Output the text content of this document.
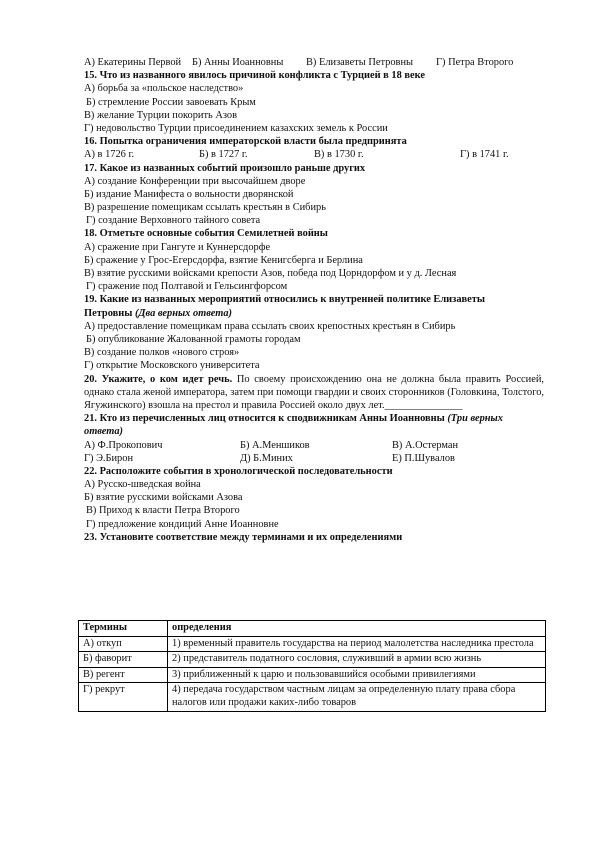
А) Екатерины Первой	Б) Анны Иоанновны	В) Елизаветы Петровны	Г) Петра Второго
15. Что из названного явилось причиной конфликта с Турцией в 18 веке
А) борьба за «польское наследство»
Б) стремление России завоевать Крым
В) желание Турции покорить Азов
Г) недовольство Турции присоединением казахских земель к России
16. Попытка ограничения императорской власти была предпринята
А) в 1726 г.	Б) в 1727 г.	В) в 1730 г.	Г) в 1741 г.
17. Какое из названных событий произошло раньше других
А) создание Конференции при высочайшем дворе
Б) издание Манифеста о вольности дворянской
В) разрешение помещикам ссылать крестьян в Сибирь
Г) создание Верховного тайного совета
18. Отметьте основные события Семилетней войны
А) сражение при Гангуте и Куннерсдорфе
Б) сражение у Грос-Егерсдорфа, взятие Кенигсберга и Берлина
В) взятие русскими войсками крепости Азов, победа под Цорндорфом и у д. Лесная
Г) сражение под Полтавой и Гельсингфорсом
19. Какие из названных мероприятий относились к внутренней политике Елизаветы
Петровны (Два верных ответа)
А) предоставление помещикам права ссылать своих крепостных крестьян в Сибирь
Б) опубликование Жалованной грамоты городам
В) создание полков «нового строя»
Г) открытие Московского университета
20. Укажите, о ком идет речь. По своему происхождению она не должна была править Россией, однако стала женой императора, затем при помощи гвардии и своих сторонников (Головкина, Толстого, Ягужинского) взошла на престол и правила Россией около двух лет._______________
21. Кто из перечисленных лиц относится к сподвижникам Анны Иоанновны (Три верных ответа)
А) Ф.Прокопович	Б) А.Меншиков	В) А.Остерман
Г) Э.Бирон	Д) Б.Миних	Е) П.Шувалов
22. Расположите события в хронологической последовательности
А) Русско-шведская война
Б) взятие русскими войсками Азова
В) Приход к власти Петра Второго
Г) предложение кондиций Анне Иоанновне
23. Установите соответствие между терминами и их определениями
Термины	определения
А) откуп	1) временный правитель государства на период малолетства наследника престола
Б) фаворит	2) представитель податного сословия, служивший в армии всю жизнь
В) регент	3) приближенный к царю и пользовавшийся особыми привилегиями
Г) рекрут	4) передача государством частным лицам за определенную плату права сбора налогов или продажи каких-либо товаров
